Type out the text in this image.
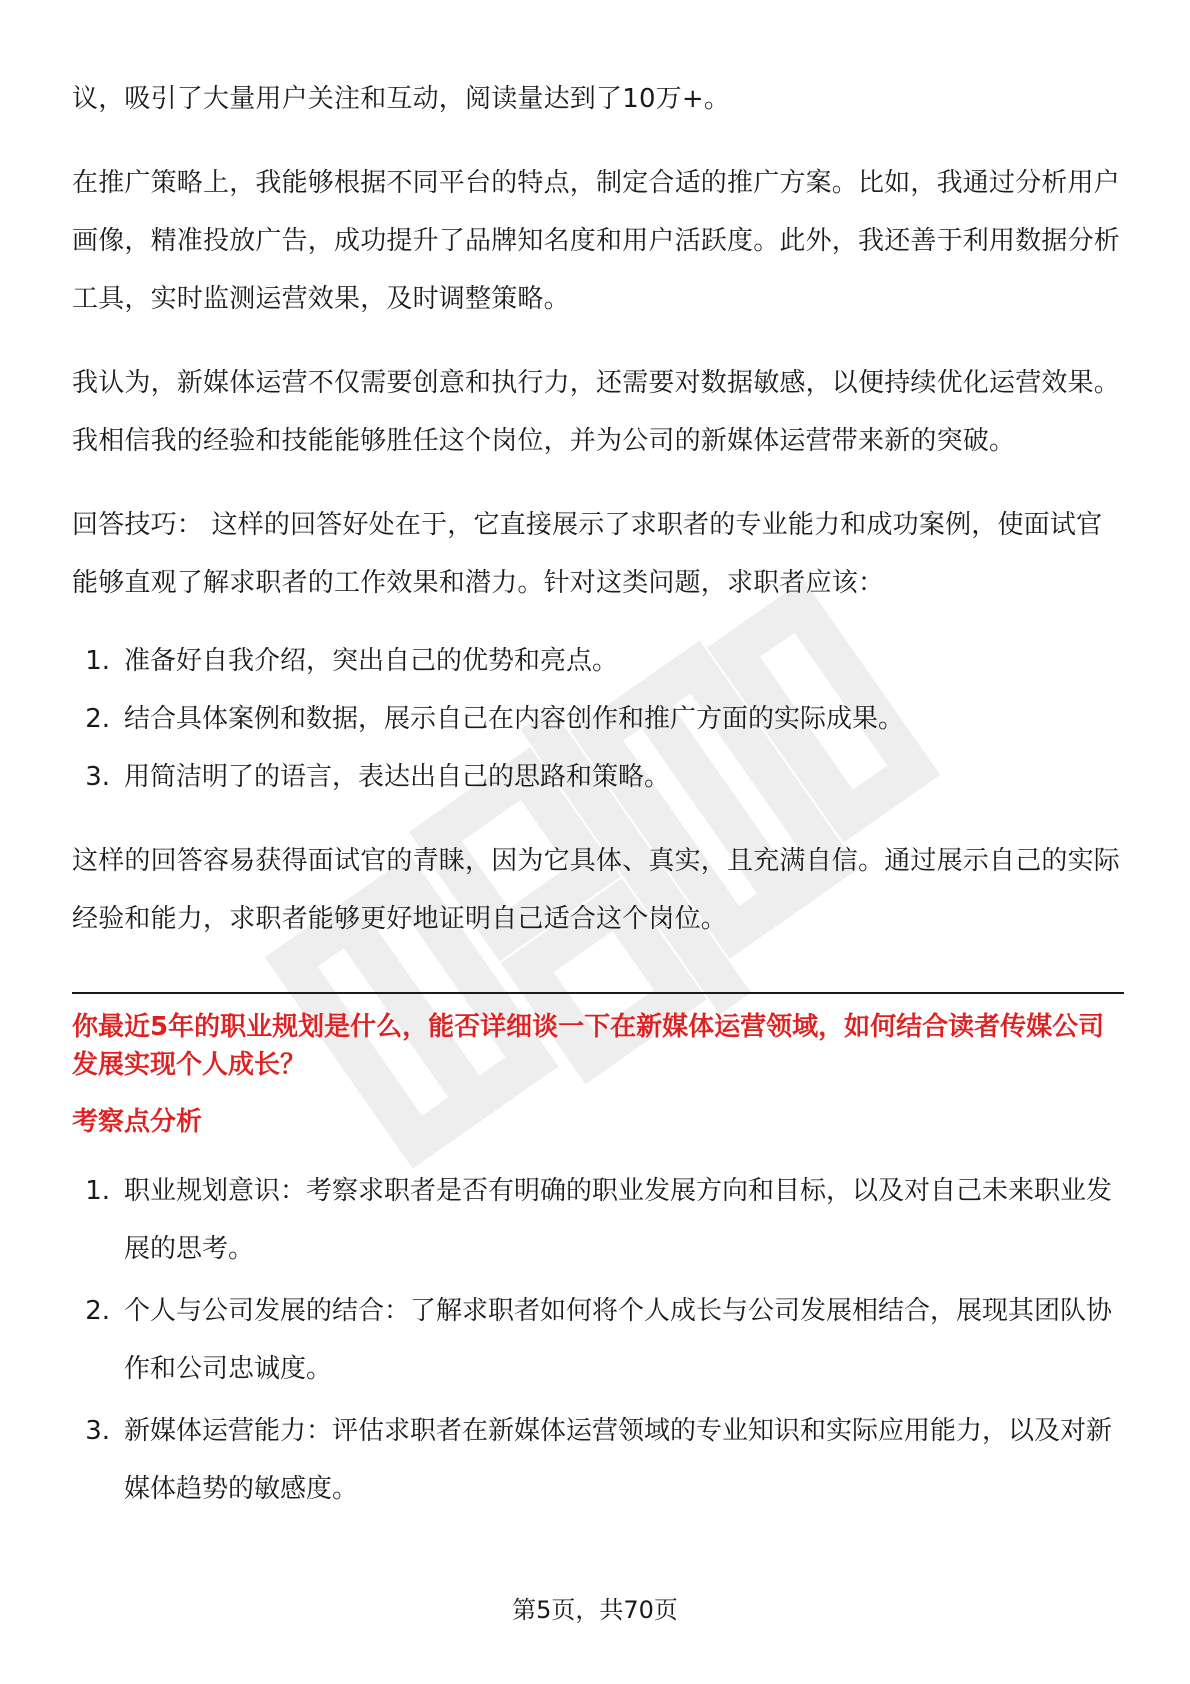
议，吸引了大量用户关注和互动，阅读量达到了10万+。

在推广策略上，我能够根据不同平台的特点，制定合适的推广方案。比如，我通过分析用户画像，精准投放广告，成功提升了品牌知名度和用户活跃度。此外，我还善于利用数据分析工具，实时监测运营效果，及时调整策略。

我认为，新媒体运营不仅需要创意和执行力，还需要对数据敏感，以便持续优化运营效果。我相信我的经验和技能能够胜任这个岗位，并为公司的新媒体运营带来新的突破。

回答技巧： 这样的回答好处在于，它直接展示了求职者的专业能力和成功案例，使面试官能够直观了解求职者的工作效果和潜力。针对这类问题，求职者应该：

1. 准备好自我介绍，突出自己的优势和亮点。
2. 结合具体案例和数据，展示自己在内容创作和推广方面的实际成果。
3. 用简洁明了的语言，表达出自己的思路和策略。

这样的回答容易获得面试官的青睐，因为它具体、真实，且充满自信。通过展示自己的实际经验和能力，求职者能够更好地证明自己适合这个岗位。

你最近5年的职业规划是什么，能否详细谈一下在新媒体运营领域，如何结合读者传媒公司发展实现个人成长？

考察点分析

1. 职业规划意识：考察求职者是否有明确的职业发展方向和目标，以及对自己未来职业发展的思考。
2. 个人与公司发展的结合：了解求职者如何将个人成长与公司发展相结合，展现其团队协作和公司忠诚度。
3. 新媒体运营能力：评估求职者在新媒体运营领域的专业知识和实际应用能力，以及对新媒体趋势的敏感度。
第5页，共70页
